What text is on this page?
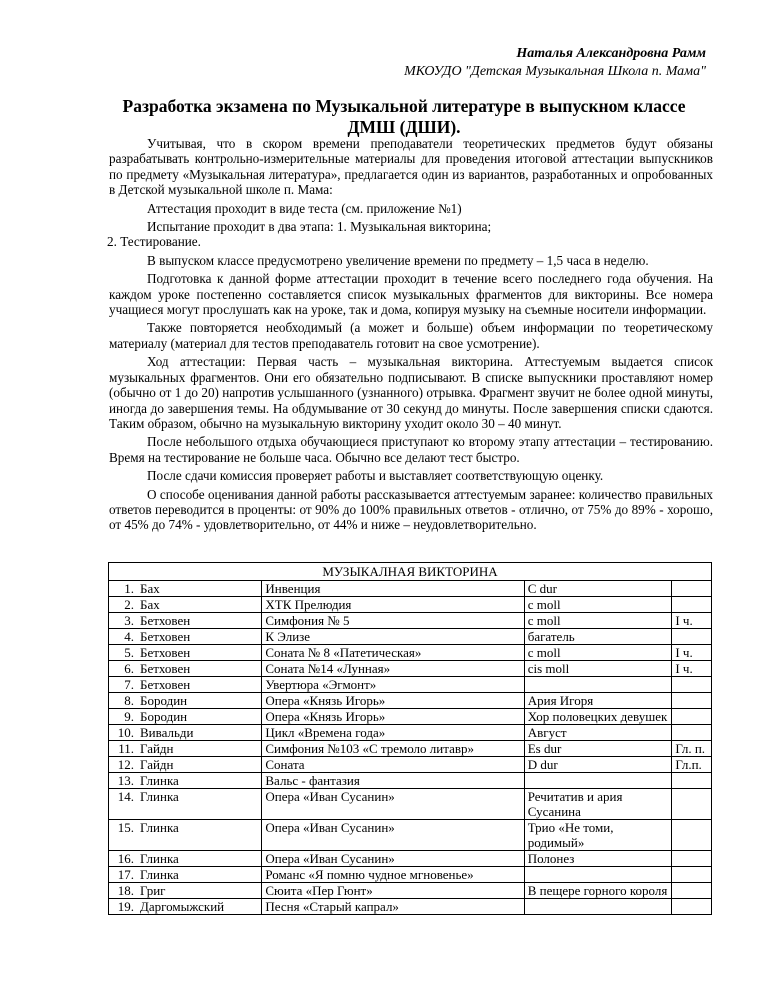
Наталья Александровна Рамм
МКОУДО "Детская Музыкальная Школа п. Мама"
Разработка экзамена по Музыкальной литературе в выпускном классе ДМШ (ДШИ).

Учитывая, что в скором времени преподаватели теоретических предметов будут обязаны разрабатывать контрольно-измерительные материалы для проведения итоговой аттестации выпускников по предмету «Музыкальная литература», предлагается один из вариантов, разработанных и опробованных в Детской музыкальной школе п. Мама:

Аттестация проходит в виде теста (см. приложение №1)

Испытание проходит в два этапа: 1. Музыкальная викторина;

2. Тестирование.

В выпуском классе предусмотрено увеличение времени по предмету – 1,5 часа в неделю.

Подготовка к данной форме аттестации проходит в течение всего последнего года обучения. На каждом уроке постепенно составляется список музыкальных фрагментов для викторины. Все номера учащиеся могут прослушать как на уроке, так и дома, копируя музыку на съемные носители информации.

Также повторяется необходимый (а может и больше) объем информации по теоретическому материалу (материал для тестов преподаватель готовит на свое усмотрение).

Ход аттестации: Первая часть – музыкальная викторина. Аттестуемым выдается список музыкальных фрагментов. Они его обязательно подписывают. В списке выпускники проставляют номер (обычно от 1 до 20) напротив услышанного (узнанного) отрывка. Фрагмент звучит не более одной минуты, иногда до завершения темы. На обдумывание от 30 секунд до минуты. После завершения списки сдаются. Таким образом, обычно на музыкальную викторину уходит около 30 – 40 минут.

После небольшого отдыха обучающиеся приступают ко второму этапу аттестации – тестированию. Время на тестирование не больше часа. Обычно все делают тест быстро.

После сдачи комиссия проверяет работы и выставляет соответствующую оценку.

О способе оценивания данной работы рассказывается аттестуемым заранее: количество правильных ответов переводится в проценты: от 90% до 100% правильных ответов - отлично, от 75% до 89% - хорошо, от 45% до 74% - удовлетворительно, от 44% и ниже – неудовлетворительно.

МУЗЫКАЛНАЯ ВИКТОРИНА			
1. Бах	Инвенция	C dur	
2. Бах	ХТК Прелюдия	c moll	
3. Бетховен	Симфония № 5	c moll	I ч.
4. Бетховен	К Элизе	багатель	
5. Бетховен	Соната № 8 «Патетическая»	c moll	I ч.
6. Бетховен	Соната №14 «Лунная»	cis moll	I ч.
7. Бетховен	Увертюра «Эгмонт»		
8. Бородин	Опера «Князь Игорь»	Ария Игоря	
9. Бородин	Опера «Князь Игорь»	Хор половецких девушек	
10. Вивальди	Цикл «Времена года»	Август	
11. Гайдн	Симфония №103 «С тремоло литавр»	Es dur	Гл. п.
12. Гайдн	Соната	D dur	Гл.п.
13. Глинка	Вальс - фантазия		
14. Глинка	Опера «Иван Сусанин»	Речитатив и ария Сусанина	
15. Глинка	Опера «Иван Сусанин»	Трио «Не томи, родимый»	
16. Глинка	Опера «Иван Сусанин»	Полонез	
17. Глинка	Романс «Я помню чудное мгновенье»		
18. Григ	Сюита «Пер Гюнт»	В пещере горного короля	
19. Даргомыжский	Песня «Старый капрал»		
